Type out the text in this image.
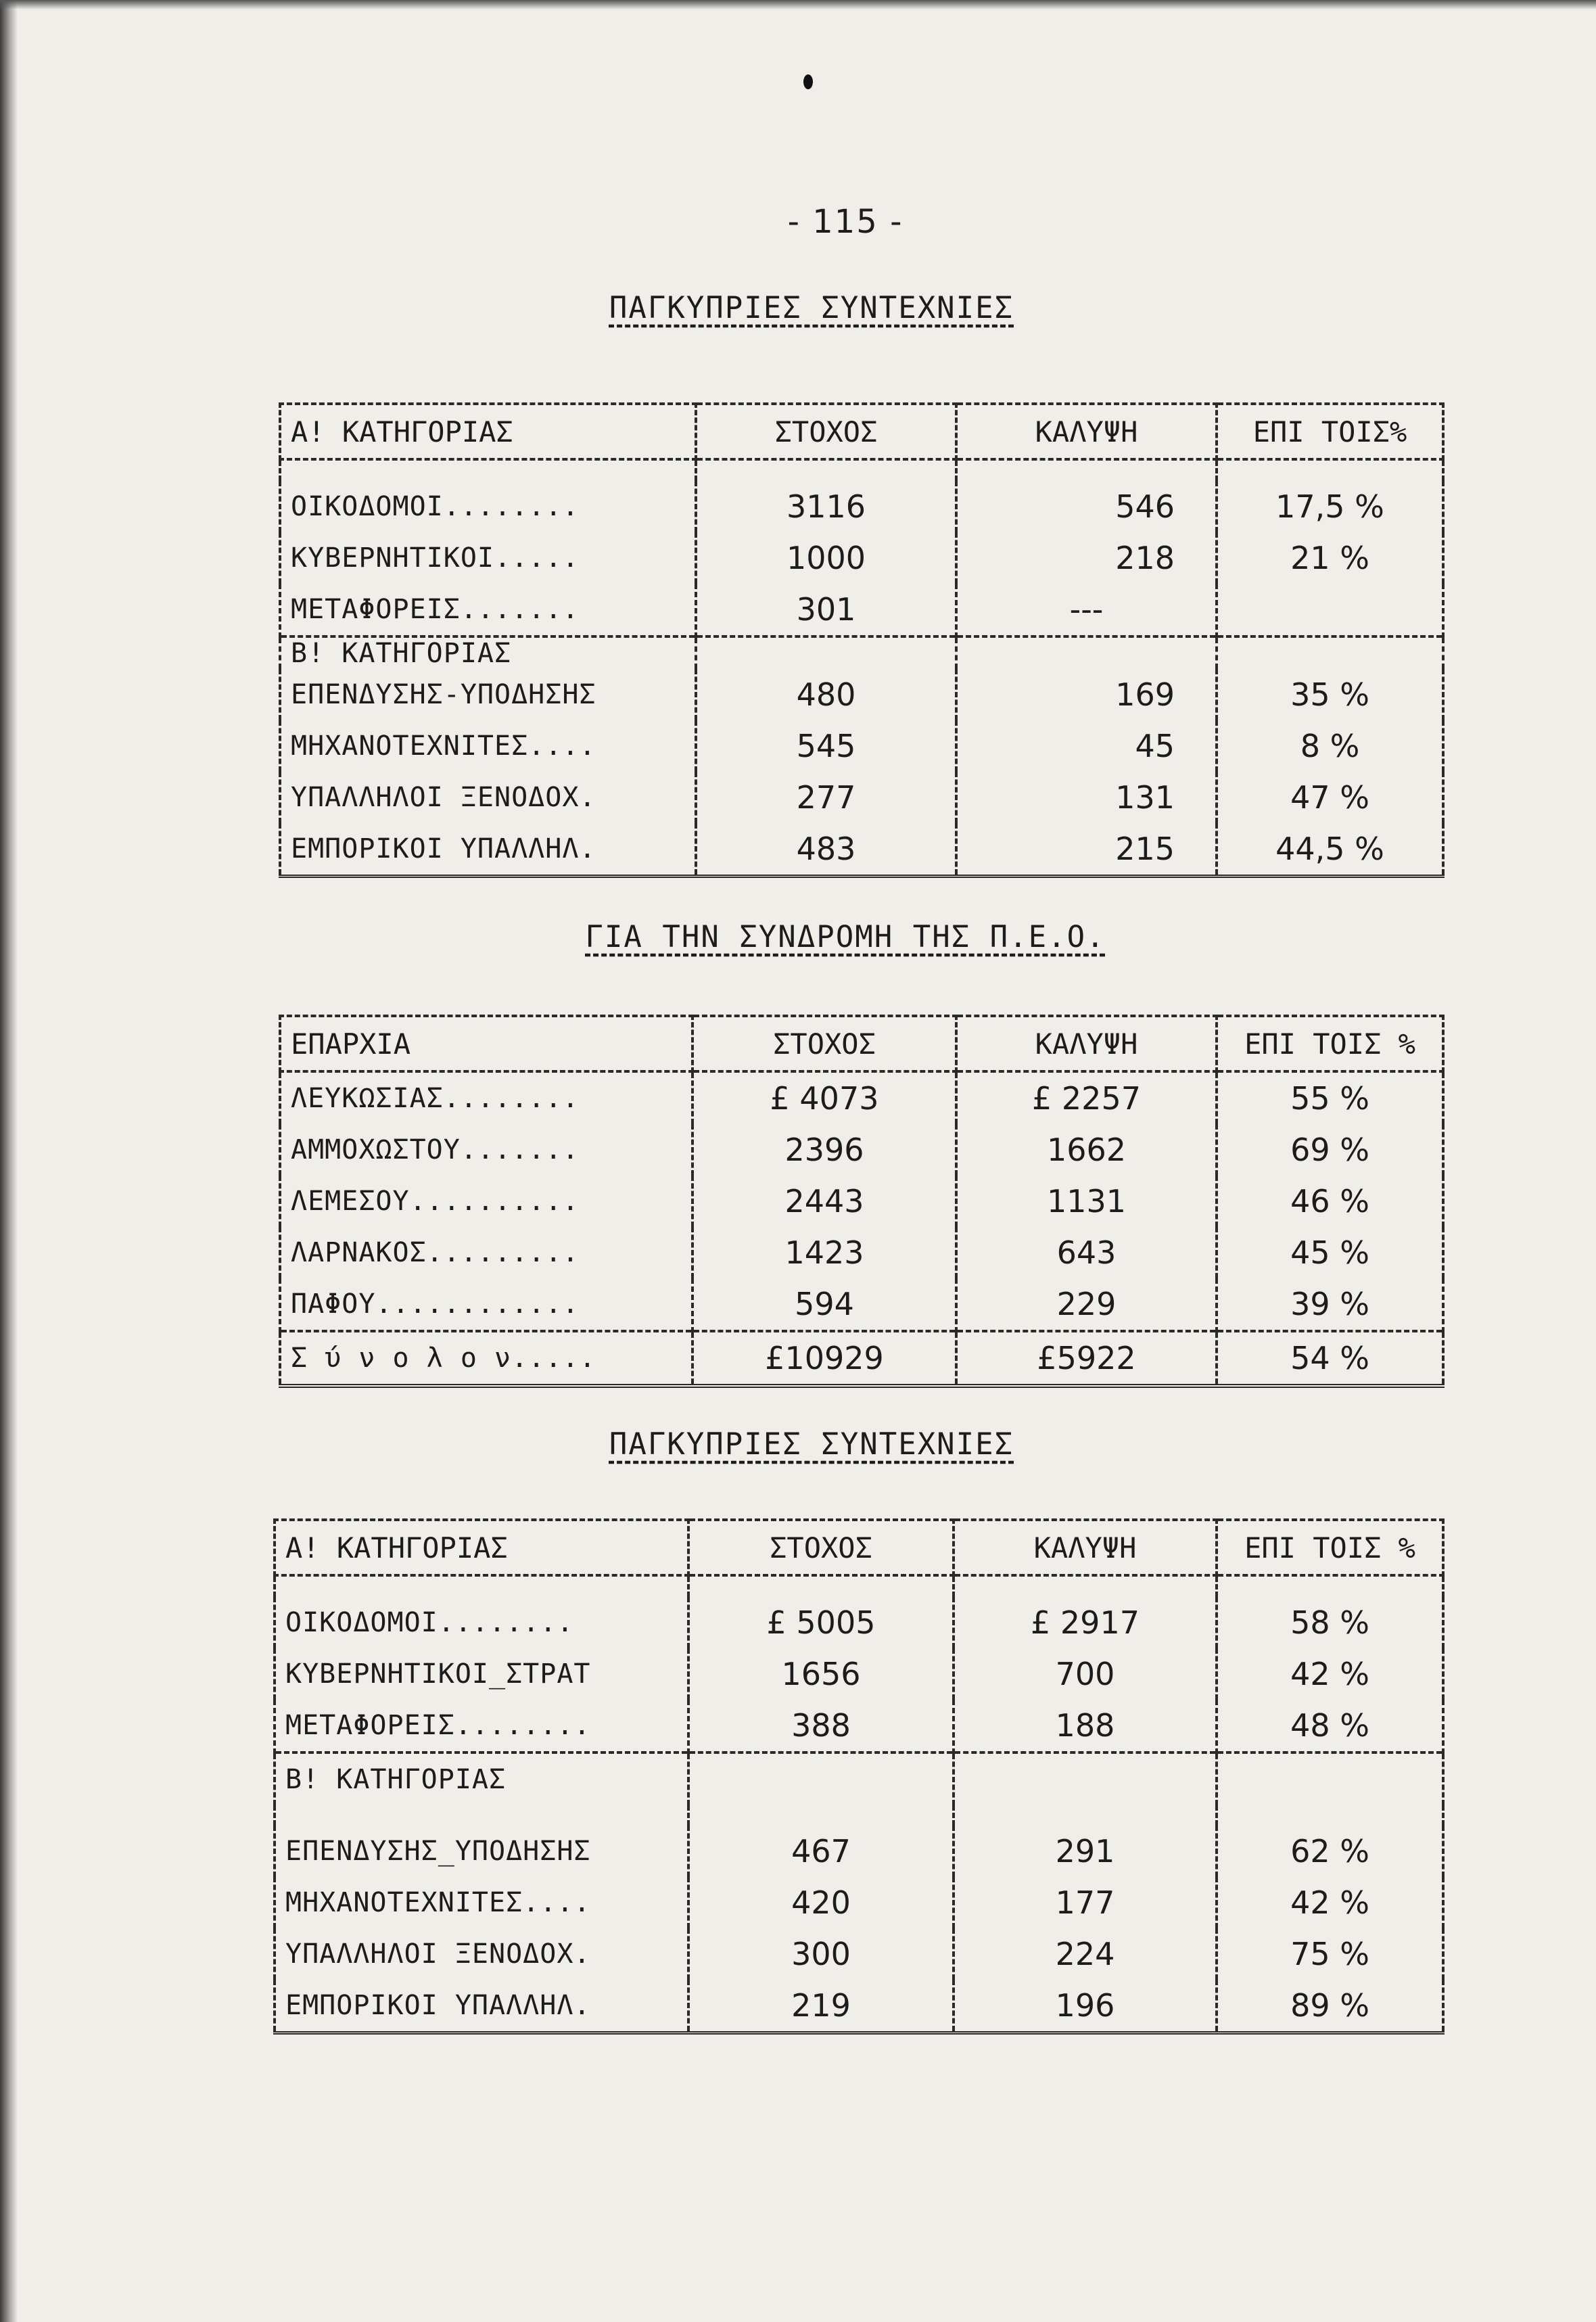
- 115 -
ΠΑΓΚΥΠΡΙΕΣ ΣΥΝΤΕΧΝΙΕΣ
Α! ΚΑΤΗΓΟΡΙΑΣ	ΣΤΟΧΟΣ	ΚΑΛΥΨΗ	ΕΠΙ ΤΟΙΣ%

ΟΙΚΟΔΟΜΟΙ........	3116	546	17,5 %
ΚΥΒΕΡΝΗΤΙΚΟΙ.....	1000	218	21 %
ΜΕΤΑΦΟΡΕΙΣ.......	301	---	
Β! ΚΑΤΗΓΟΡΙΑΣ			
ΕΠΕΝΔΥΣΗΣ-ΥΠΟΔΗΣΗΣ	480	169	35 %
ΜΗΧΑΝΟΤΕΧΝΙΤΕΣ....	545	45	8 %
ΥΠΑΛΛΗΛΟΙ ΞΕΝΟΔΟΧ.	277	131	47 %
ΕΜΠΟΡΙΚΟΙ ΥΠΑΛΛΗΛ.	483	215	44,5 %
ΓΙΑ ΤΗΝ ΣΥΝΔΡΟΜΗ ΤΗΣ Π.Ε.Ο.
ΕΠΑΡΧΙΑ	ΣΤΟΧΟΣ	ΚΑΛΥΨΗ	ΕΠΙ ΤΟΙΣ %
ΛΕΥΚΩΣΙΑΣ........	£ 4073	£ 2257	55 %
ΑΜΜΟΧΩΣΤΟΥ.......	2396	1662	69 %
ΛΕΜΕΣΟΥ..........	2443	1131	46 %
ΛΑΡΝΑΚΟΣ.........	1423	643	45 %
ΠΑΦΟΥ............	594	229	39 %
Σ ύ ν ο λ ο ν.....	£10929	£5922	54 %
ΠΑΓΚΥΠΡΙΕΣ ΣΥΝΤΕΧΝΙΕΣ
Α! ΚΑΤΗΓΟΡΙΑΣ	ΣΤΟΧΟΣ	ΚΑΛΥΨΗ	ΕΠΙ ΤΟΙΣ %

ΟΙΚΟΔΟΜΟΙ........	£ 5005	£ 2917	58 %
ΚΥΒΕΡΝΗΤΙΚΟΙ_ΣΤΡΑΤ	1656	700	42 %
ΜΕΤΑΦΟΡΕΙΣ........	388	188	48 %
Β! ΚΑΤΗΓΟΡΙΑΣ			

ΕΠΕΝΔΥΣΗΣ_ΥΠΟΔΗΣΗΣ	467	291	62 %
ΜΗΧΑΝΟΤΕΧΝΙΤΕΣ....	420	177	42 %
ΥΠΑΛΛΗΛΟΙ ΞΕΝΟΔΟΧ.	300	224	75 %
ΕΜΠΟΡΙΚΟΙ ΥΠΑΛΛΗΛ.	219	196	89 %
